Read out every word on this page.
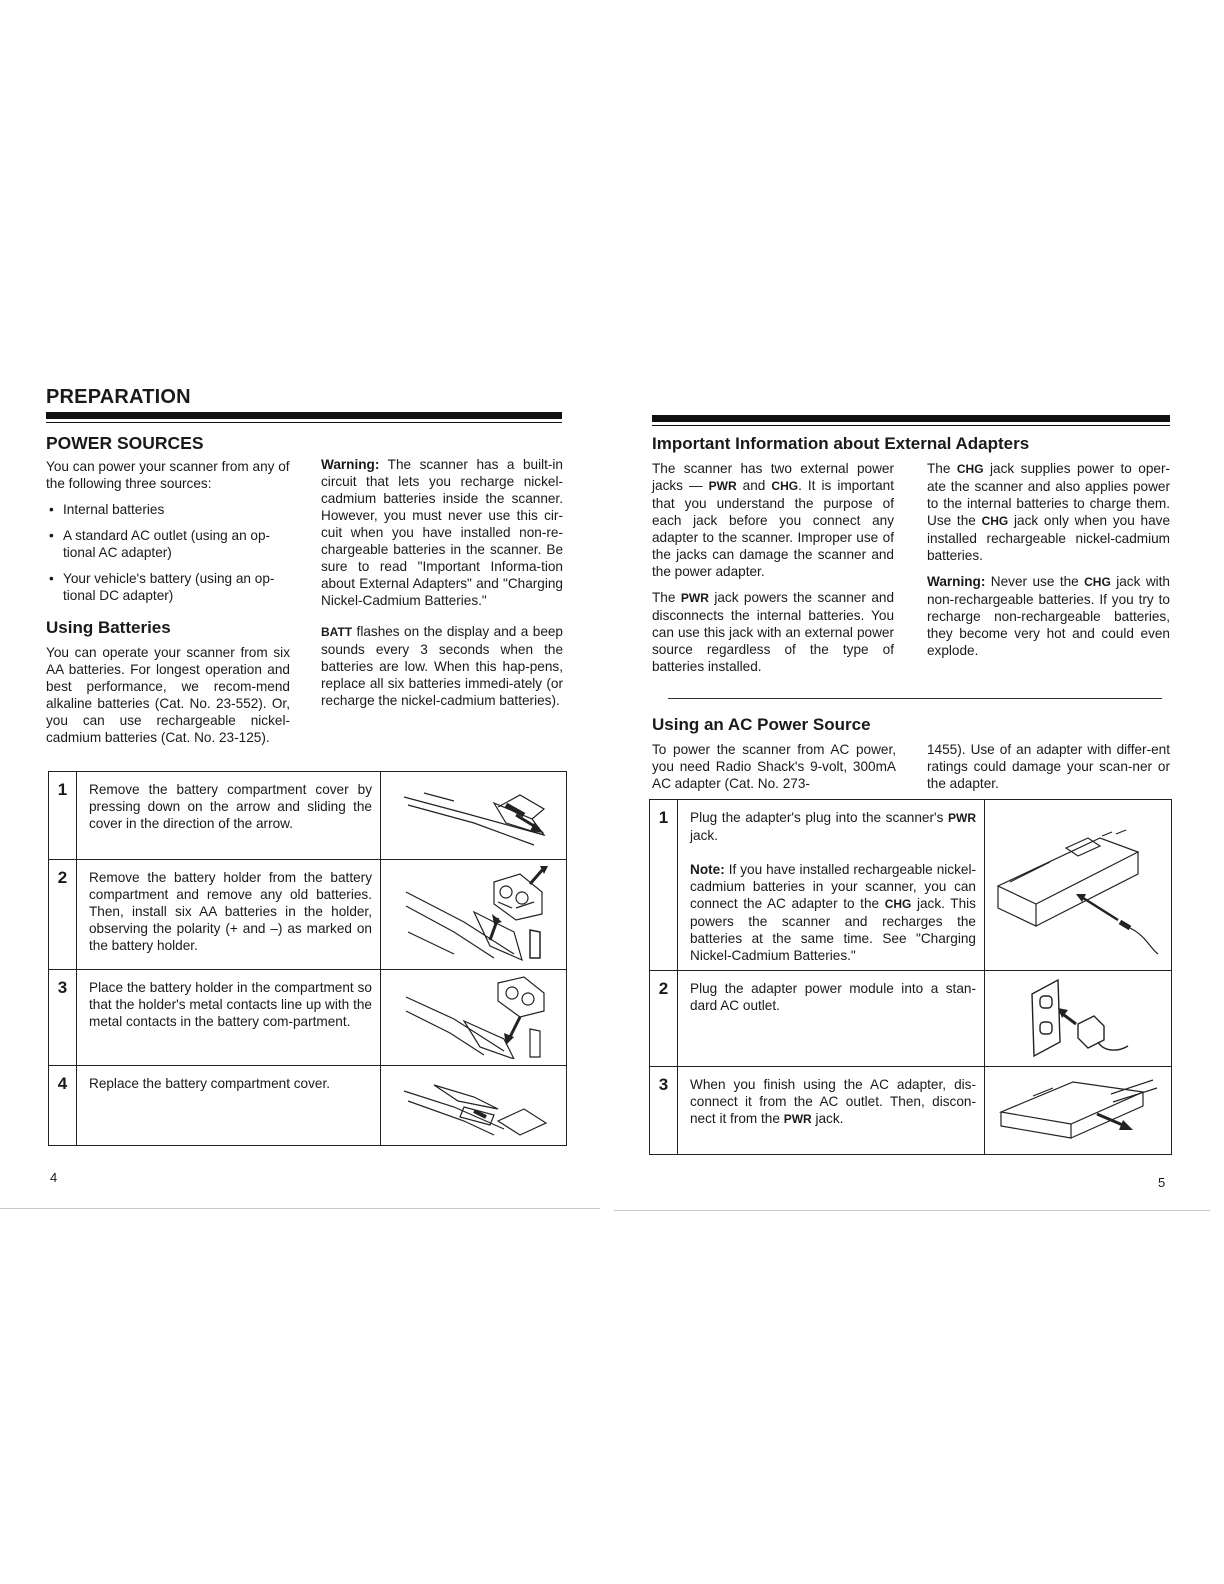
PREPARATION
POWER SOURCES

You can power your scanner from any of the following three sources:

• Internal batteries
• A standard AC outlet (using an op-tional AC adapter)
• Your vehicle's battery (using an op-tional DC adapter)
Using Batteries

You can operate your scanner from six AA batteries. For longest operation and best performance, we recom-mend alkaline batteries (Cat. No. 23-552). Or, you can use rechargeable nickel-cadmium batteries (Cat. No. 23-125).

Warning: The scanner has a built-in circuit that lets you recharge nickel-cadmium batteries inside the scanner. However, you must never use this cir-cuit when you have installed non-re-chargeable batteries in the scanner. Be sure to read "Important Informa-tion about External Adapters" and "Charging Nickel-Cadmium Batteries."

BATT flashes on the display and a beep sounds every 3 seconds when the batteries are low. When this hap-pens, replace all six batteries immedi-ately (or recharge the nickel-cadmium batteries).

1	Remove the battery compartment cover by pressing down on the arrow and sliding the cover in the direction of the arrow.	
2	Remove the battery holder from the battery compartment and remove any old batteries. Then, install six AA batteries in the holder, observing the polarity (+ and –) as marked on the battery holder.	
3	Place the battery holder in the compartment so that the holder's metal contacts line up with the metal contacts in the battery com-partment.	
4	Replace the battery compartment cover.	
4
Important Information about External Adapters

The scanner has two external power jacks — PWR and CHG. It is important that you understand the purpose of each jack before you connect any adapter to the scanner. Improper use of the jacks can damage the scanner and the power adapter.

The PWR jack powers the scanner and disconnects the internal batteries. You can use this jack with an external power source regardless of the type of batteries installed.

The CHG jack supplies power to oper-ate the scanner and also applies power to the internal batteries to charge them. Use the CHG jack only when you have installed rechargeable nickel-cadmium batteries.

Warning: Never use the CHG jack with non-rechargeable batteries. If you try to recharge non-rechargeable batteries, they become very hot and could even explode.

Using an AC Power Source
To power the scanner from AC power, you need Radio Shack's 9-volt, 300mA AC adapter (Cat. No. 273-
1455). Use of an adapter with differ-ent ratings could damage your scan-ner or the adapter.
1	Plug the adapter's plug into the scanner's PWR jack.
Note: If you have installed rechargeable nickel-cadmium batteries in your scanner, you can connect the AC adapter to the CHG jack. This powers the scanner and recharges the batteries at the same time. See "Charging Nickel-Cadmium Batteries."

2	Plug the adapter power module into a stan-dard AC outlet.	
3	When you finish using the AC adapter, dis-connect it from the AC outlet. Then, discon-nect it from the PWR jack.	
5
